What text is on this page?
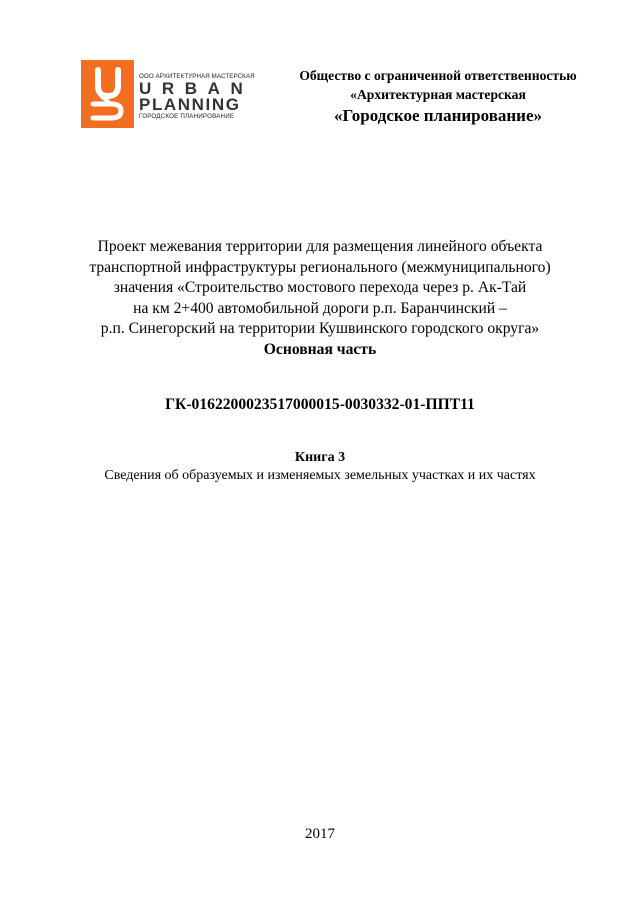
ООО АРХИТЕКТУРНАЯ МАСТЕРСКАЯ
URBAN
PLANNING
ГОРОДСКОЕ ПЛАНИРОВАНИЕ
Общество с ограниченной ответственностью
«Архитектурная мастерская
«Городское планирование»
Проект межевания территории для размещения линейного объекта
транспортной инфраструктуры регионального (межмуниципального)
значения «Строительство мостового перехода через р. Ак-Тай
на км 2+400 автомобильной дороги р.п. Баранчинский –
р.п. Синегорский на территории Кушвинского городского округа»
Основная часть
ГК-0162200023517000015-0030332-01-ППТ11
Книга 3
Сведения об образуемых и изменяемых земельных участках и их частях
2017
